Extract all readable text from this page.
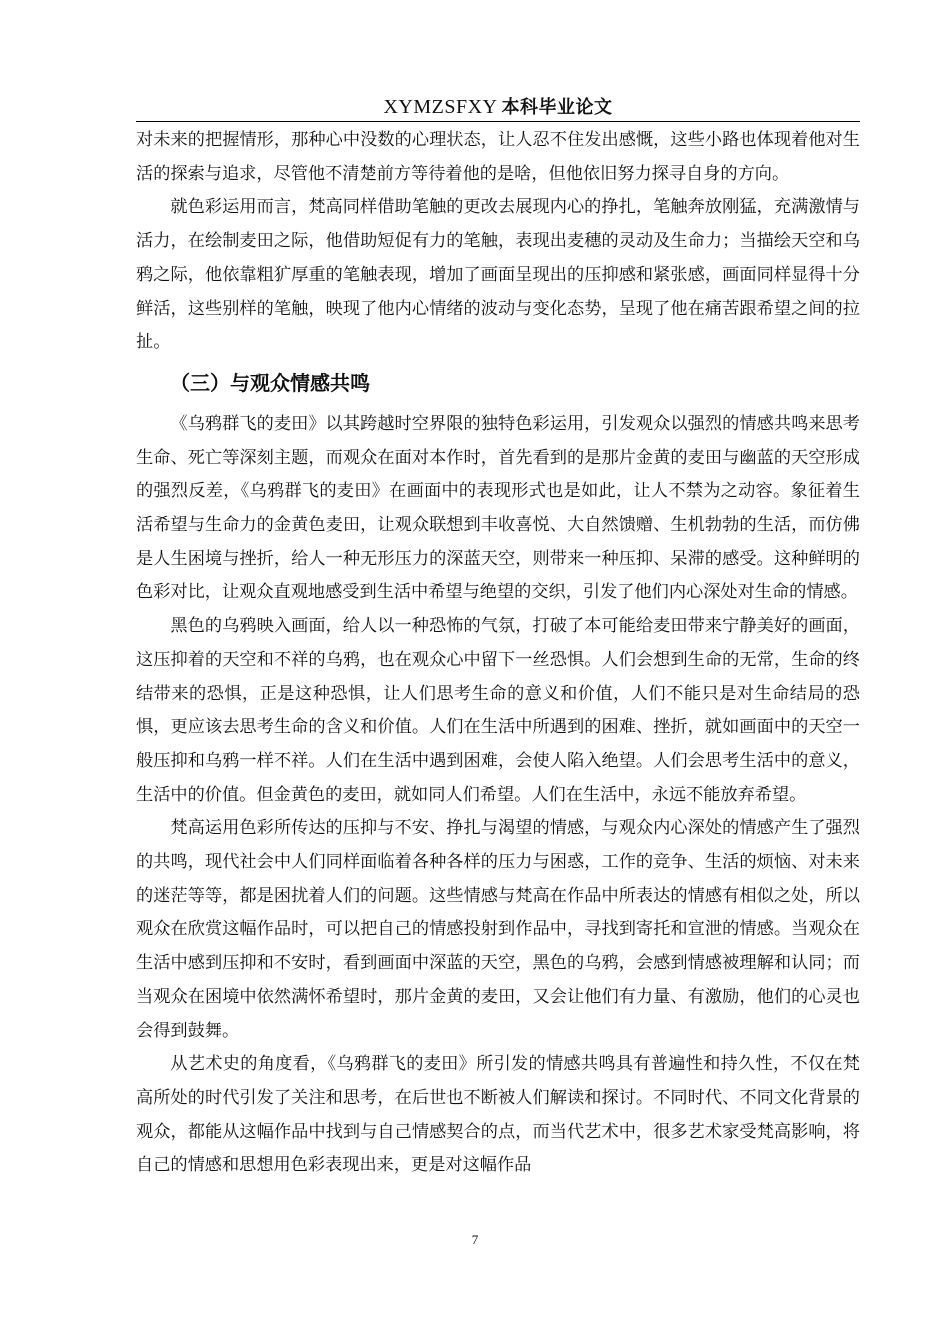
XYMZSFXY 本科毕业论文

对未来的把握情形，那种心中没数的心理状态，让人忍不住发出感慨，这些小路也体现着他对生活的探索与追求，尽管他不清楚前方等待着他的是啥，但他依旧努力探寻自身的方向。

就色彩运用而言，梵高同样借助笔触的更改去展现内心的挣扎，笔触奔放刚猛，充满激情与活力，在绘制麦田之际，他借助短促有力的笔触，表现出麦穗的灵动及生命力；当描绘天空和乌鸦之际，他依靠粗犷厚重的笔触表现，增加了画面呈现出的压抑感和紧张感，画面同样显得十分鲜活，这些别样的笔触，映现了他内心情绪的波动与变化态势，呈现了他在痛苦跟希望之间的拉扯。

（三）与观众情感共鸣

《乌鸦群飞的麦田》以其跨越时空界限的独特色彩运用，引发观众以强烈的情感共鸣来思考生命、死亡等深刻主题，而观众在面对本作时，首先看到的是那片金黄的麦田与幽蓝的天空形成的强烈反差，《乌鸦群飞的麦田》在画面中的表现形式也是如此，让人不禁为之动容。象征着生活希望与生命力的金黄色麦田，让观众联想到丰收喜悦、大自然馈赠、生机勃勃的生活，而仿佛是人生困境与挫折，给人一种无形压力的深蓝天空，则带来一种压抑、呆滞的感受。这种鲜明的色彩对比，让观众直观地感受到生活中希望与绝望的交织，引发了他们内心深处对生命的情感。

黑色的乌鸦映入画面，给人以一种恐怖的气氛，打破了本可能给麦田带来宁静美好的画面，这压抑着的天空和不祥的乌鸦，也在观众心中留下一丝恐惧。人们会想到生命的无常，生命的终结带来的恐惧，正是这种恐惧，让人们思考生命的意义和价值，人们不能只是对生命结局的恐惧，更应该去思考生命的含义和价值。人们在生活中所遇到的困难、挫折，就如画面中的天空一般压抑和乌鸦一样不祥。人们在生活中遇到困难，会使人陷入绝望。人们会思考生活中的意义，生活中的价值。但金黄色的麦田，就如同人们希望。人们在生活中，永远不能放弃希望。

梵高运用色彩所传达的压抑与不安、挣扎与渴望的情感，与观众内心深处的情感产生了强烈的共鸣，现代社会中人们同样面临着各种各样的压力与困惑，工作的竞争、生活的烦恼、对未来的迷茫等等，都是困扰着人们的问题。这些情感与梵高在作品中所表达的情感有相似之处，所以观众在欣赏这幅作品时，可以把自己的情感投射到作品中，寻找到寄托和宣泄的情感。当观众在生活中感到压抑和不安时，看到画面中深蓝的天空，黑色的乌鸦，会感到情感被理解和认同；而当观众在困境中依然满怀希望时，那片金黄的麦田，又会让他们有力量、有激励，他们的心灵也会得到鼓舞。

从艺术史的角度看，《乌鸦群飞的麦田》所引发的情感共鸣具有普遍性和持久性，不仅在梵高所处的时代引发了关注和思考，在后世也不断被人们解读和探讨。不同时代、不同文化背景的观众，都能从这幅作品中找到与自己情感契合的点，而当代艺术中，很多艺术家受梵高影响，将自己的情感和思想用色彩表现出来，更是对这幅作品

7
